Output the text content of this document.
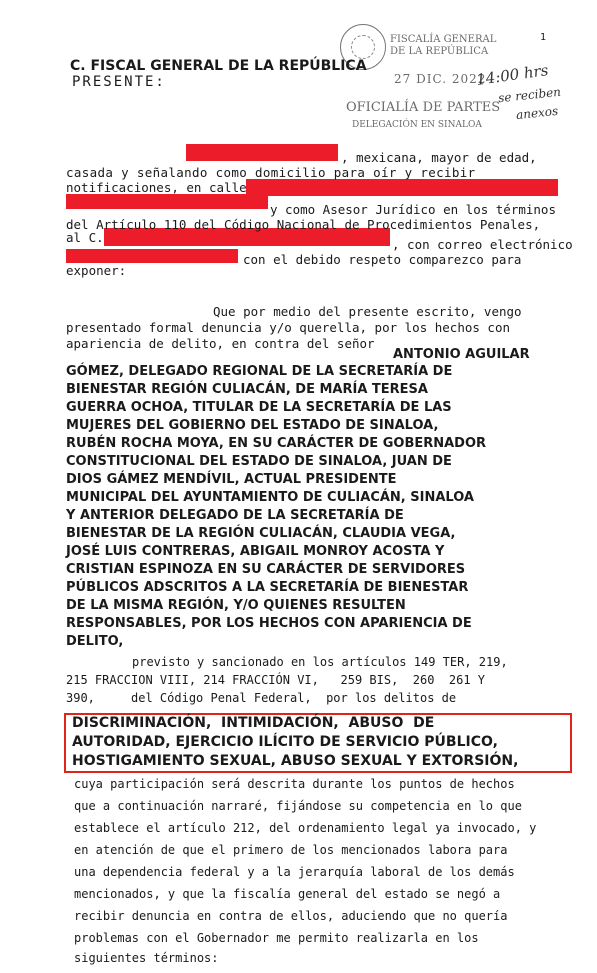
1
FISCALÍA GENERAL
DE LA REPÚBLICA
27 DIC. 2022
OFICIALÍA DE PARTES
DELEGACIÓN EN SINALOA
14:00 hrs
se reciben
anexos
C. FISCAL GENERAL DE LA REPÚBLICA
PRESENTE:
, mexicana, mayor de edad,
casada y señalando como domicilio para oír y recibir
notificaciones, en calle
y como Asesor Jurídico en los términos
del Artículo 110 del Código Nacional de Procedimientos Penales,
al C.	, con correo electrónico
con el debido respeto comparezco para
exponer:
Que por medio del presente escrito, vengo
presentado formal denuncia y/o querella, por los hechos con
apariencia de delito, en contra del señor
ANTONIO AGUILAR
GÓMEZ, DELEGADO REGIONAL DE LA SECRETARÍA DE
BIENESTAR REGIÓN CULIACÁN, DE MARÍA TERESA
GUERRA OCHOA, TITULAR DE LA SECRETARÍA DE LAS
MUJERES DEL GOBIERNO DEL ESTADO DE SINALOA,
RUBÉN ROCHA MOYA, EN SU CARÁCTER DE GOBERNADOR
CONSTITUCIONAL DEL ESTADO DE SINALOA, JUAN DE
DIOS GÁMEZ MENDÍVIL, ACTUAL PRESIDENTE
MUNICIPAL DEL AYUNTAMIENTO DE CULIACÁN, SINALOA
Y ANTERIOR DELEGADO DE LA SECRETARÍA DE
BIENESTAR DE LA REGIÓN CULIACÁN, CLAUDIA VEGA,
JOSÉ LUIS CONTRERAS, ABIGAIL MONROY ACOSTA Y
CRISTIAN ESPINOZA EN SU CARÁCTER DE SERVIDORES
PÚBLICOS ADSCRITOS A LA SECRETARÍA DE BIENESTAR
DE LA MISMA REGIÓN, Y/O QUIENES RESULTEN
RESPONSABLES, POR LOS HECHOS CON APARIENCIA DE
DELITO,
previsto y sancionado en los artículos 149 TER, 219,
215 FRACCION VIII, 214 FRACCIÓN VI,   259 BIS,  260  261 Y
390,     del Código Penal Federal,  por los delitos de
DISCRIMINACIÓN,  INTIMIDACIÓN,  ABUSO  DE
AUTORIDAD, EJERCICIO ILÍCITO DE SERVICIO PÚBLICO,
HOSTIGAMIENTO SEXUAL, ABUSO SEXUAL Y EXTORSIÓN,
cuya participación será descrita durante los puntos de hechos
que a continuación narraré, fijándose su competencia en lo que
establece el artículo 212, del ordenamiento legal ya invocado, y
en atención de que el primero de los mencionados labora para
una dependencia federal y a la jerarquía laboral de los demás
mencionados, y que la fiscalía general del estado se negó a
recibir denuncia en contra de ellos, aduciendo que no quería
problemas con el Gobernador me permito realizarla en los
siguientes términos:
